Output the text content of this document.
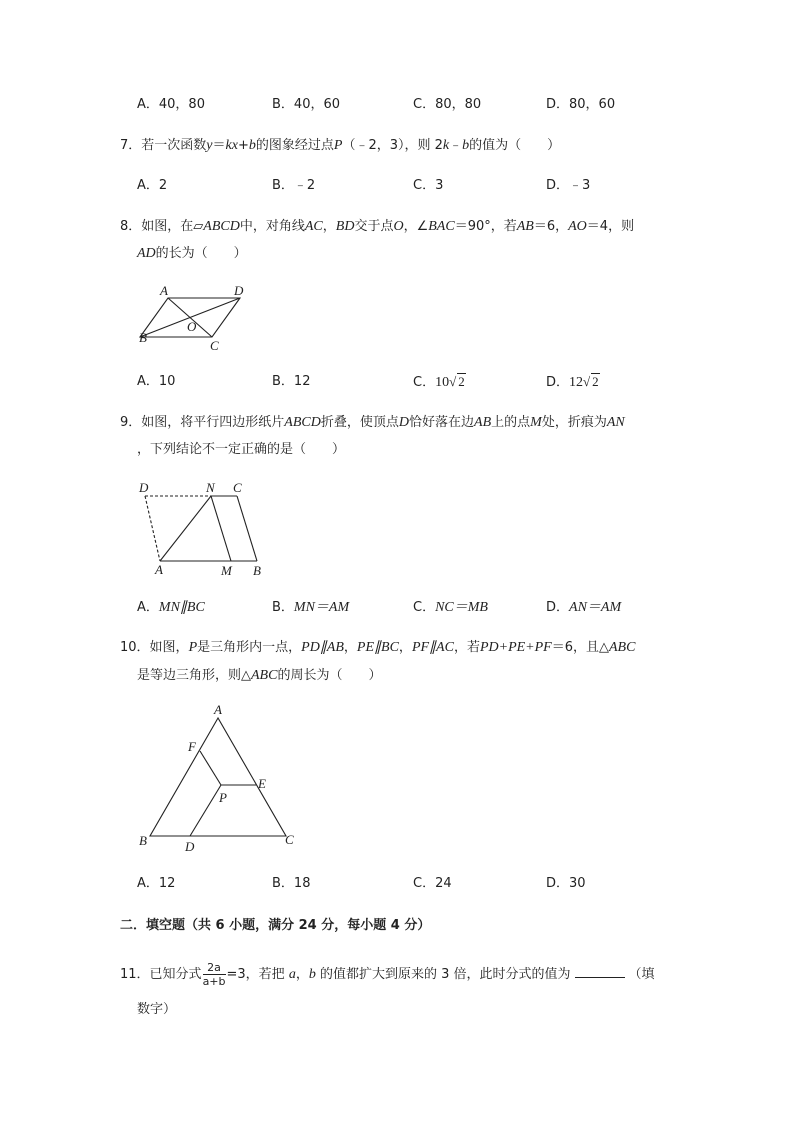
A．40，80	B．40，60	C．80，80	D．80，60
7．若一次函数y＝kx+b的图象经过点P（﹣2，3），则 2k﹣b的值为（　　）
A．2	B．﹣2	C．3	D．﹣3
8．如图，在▱ABCD中，对角线AC，BD交于点O，∠BAC＝90°，若AB＝6，AO＝4，则
AD的长为（　　）
A	D
B
C
O
A．10	B．12	C．10√ 2	D．12√ 2
9．如图，将平行四边形纸片ABCD折叠，使顶点D恰好落在边AB上的点M处，折痕为AN
，下列结论不一定正确的是（　　）
D	N C
A	M B
A．MN∥BC	B．MN＝AM	C．NC＝MB	D．AN＝AM
10．如图，P是三角形内一点，PD∥AB，PE∥BC，PF∥AC，若PD+PE+PF＝6，且△ABC
是等边三角形，则△ABC的周长为（　　）
A
F
E
P
B	D	C
A．12	B．18	C．24	D．30
二．填空题（共 6 小题，满分 24 分，每小题 4 分）
11．已知分式 $\frac{2a}{a+b} =3$，若把 a，b 的值都扩大到原来的 3 倍，此时分式的值为	（填
数字）
